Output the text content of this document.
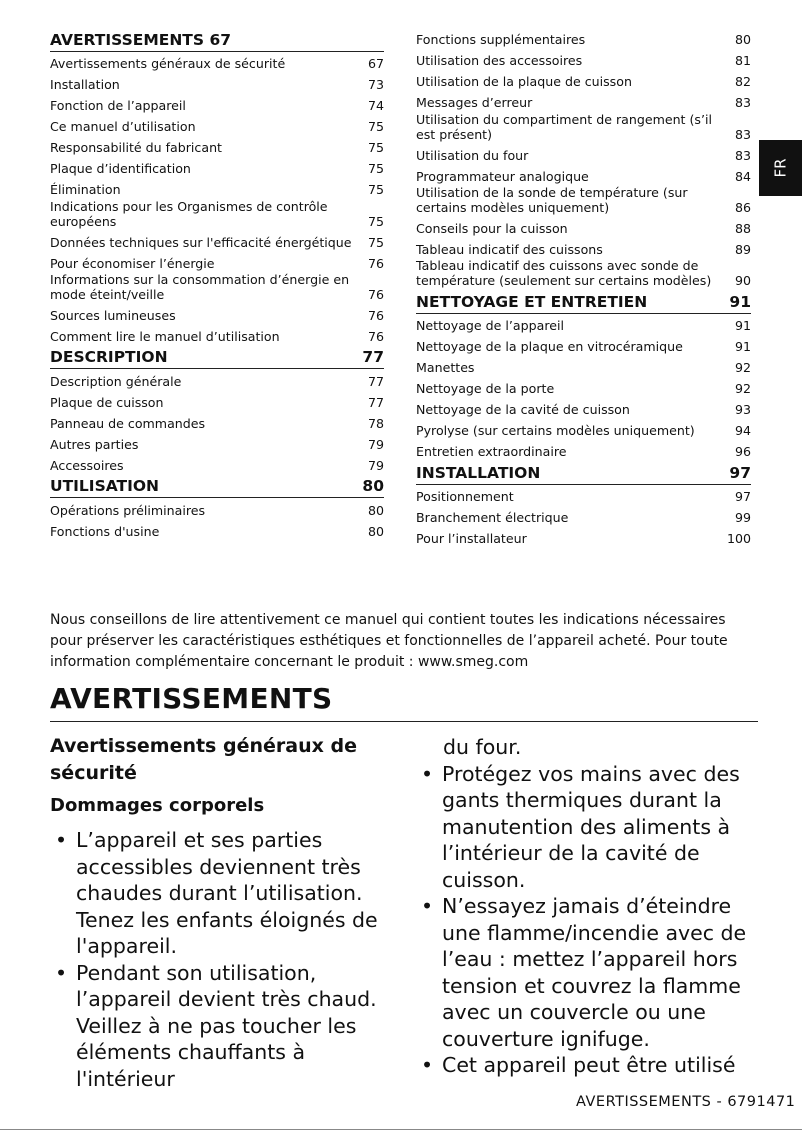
AVERTISSEMENTS 67
Avertissements généraux de sécurité	67
Installation	73
Fonction de l’appareil	74
Ce manuel d’utilisation	75
Responsabilité du fabricant	75
Plaque d’identification	75
Élimination	75
Indications pour les Organismes de contrôle européens	75
Données techniques sur l'efficacité énergétique	75
Pour économiser l’énergie	76
Informations sur la consommation d’énergie en mode éteint/veille	76
Sources lumineuses	76
Comment lire le manuel d’utilisation	76
DESCRIPTION	77
Description générale	77
Plaque de cuisson	77
Panneau de commandes	78
Autres parties	79
Accessoires	79
UTILISATION	80
Opérations préliminaires	80
Fonctions d'usine	80
Fonctions supplémentaires	80
Utilisation des accessoires	81
Utilisation de la plaque de cuisson	82
Messages d’erreur	83
Utilisation du compartiment de rangement (s’il est présent)	83
Utilisation du four	83
Programmateur analogique	84
Utilisation de la sonde de température (sur certains modèles uniquement)	86
Conseils pour la cuisson	88
Tableau indicatif des cuissons	89
Tableau indicatif des cuissons avec sonde de température (seulement sur certains modèles)	90
NETTOYAGE ET ENTRETIEN	91
Nettoyage de l’appareil	91
Nettoyage de la plaque en vitrocéramique	91
Manettes	92
Nettoyage de la porte	92
Nettoyage de la cavité de cuisson	93
Pyrolyse (sur certains modèles uniquement)	94
Entretien extraordinaire	96
INSTALLATION	97
Positionnement	97
Branchement électrique	99
Pour l’installateur	100
FR

Nous conseillons de lire attentivement ce manuel qui contient toutes les indications nécessaires pour préserver les caractéristiques esthétiques et fonctionnelles de l’appareil acheté. Pour toute information complémentaire concernant le produit : www.smeg.com

AVERTISSEMENTS
Avertissements généraux de sécurité
Dommages corporels
• L’appareil et ses parties accessibles deviennent très chaudes durant l’utilisation. Tenez les enfants éloignés de l'appareil.
• Pendant son utilisation, l’appareil devient très chaud. Veillez à ne pas toucher les éléments chauffants à l'intérieur
du four.
• Protégez vos mains avec des gants thermiques durant la manutention des aliments à l’intérieur de la cavité de cuisson.
• N’essayez jamais d’éteindre une flamme/incendie avec de l’eau : mettez l’appareil hors tension et couvrez la flamme avec un couvercle ou une couverture ignifuge.
• Cet appareil peut être utilisé
AVERTISSEMENTS - 6791471
